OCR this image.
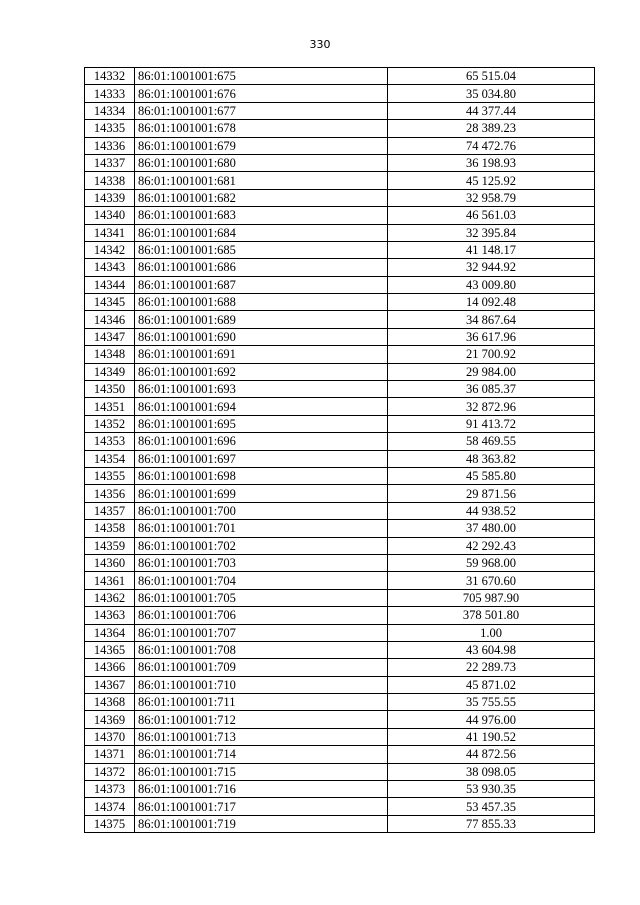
330
14332	86:01:1001001:675	65 515.04
14333	86:01:1001001:676	35 034.80
14334	86:01:1001001:677	44 377.44
14335	86:01:1001001:678	28 389.23
14336	86:01:1001001:679	74 472.76
14337	86:01:1001001:680	36 198.93
14338	86:01:1001001:681	45 125.92
14339	86:01:1001001:682	32 958.79
14340	86:01:1001001:683	46 561.03
14341	86:01:1001001:684	32 395.84
14342	86:01:1001001:685	41 148.17
14343	86:01:1001001:686	32 944.92
14344	86:01:1001001:687	43 009.80
14345	86:01:1001001:688	14 092.48
14346	86:01:1001001:689	34 867.64
14347	86:01:1001001:690	36 617.96
14348	86:01:1001001:691	21 700.92
14349	86:01:1001001:692	29 984.00
14350	86:01:1001001:693	36 085.37
14351	86:01:1001001:694	32 872.96
14352	86:01:1001001:695	91 413.72
14353	86:01:1001001:696	58 469.55
14354	86:01:1001001:697	48 363.82
14355	86:01:1001001:698	45 585.80
14356	86:01:1001001:699	29 871.56
14357	86:01:1001001:700	44 938.52
14358	86:01:1001001:701	37 480.00
14359	86:01:1001001:702	42 292.43
14360	86:01:1001001:703	59 968.00
14361	86:01:1001001:704	31 670.60
14362	86:01:1001001:705	705 987.90
14363	86:01:1001001:706	378 501.80
14364	86:01:1001001:707	1.00
14365	86:01:1001001:708	43 604.98
14366	86:01:1001001:709	22 289.73
14367	86:01:1001001:710	45 871.02
14368	86:01:1001001:711	35 755.55
14369	86:01:1001001:712	44 976.00
14370	86:01:1001001:713	41 190.52
14371	86:01:1001001:714	44 872.56
14372	86:01:1001001:715	38 098.05
14373	86:01:1001001:716	53 930.35
14374	86:01:1001001:717	53 457.35
14375	86:01:1001001:719	77 855.33
